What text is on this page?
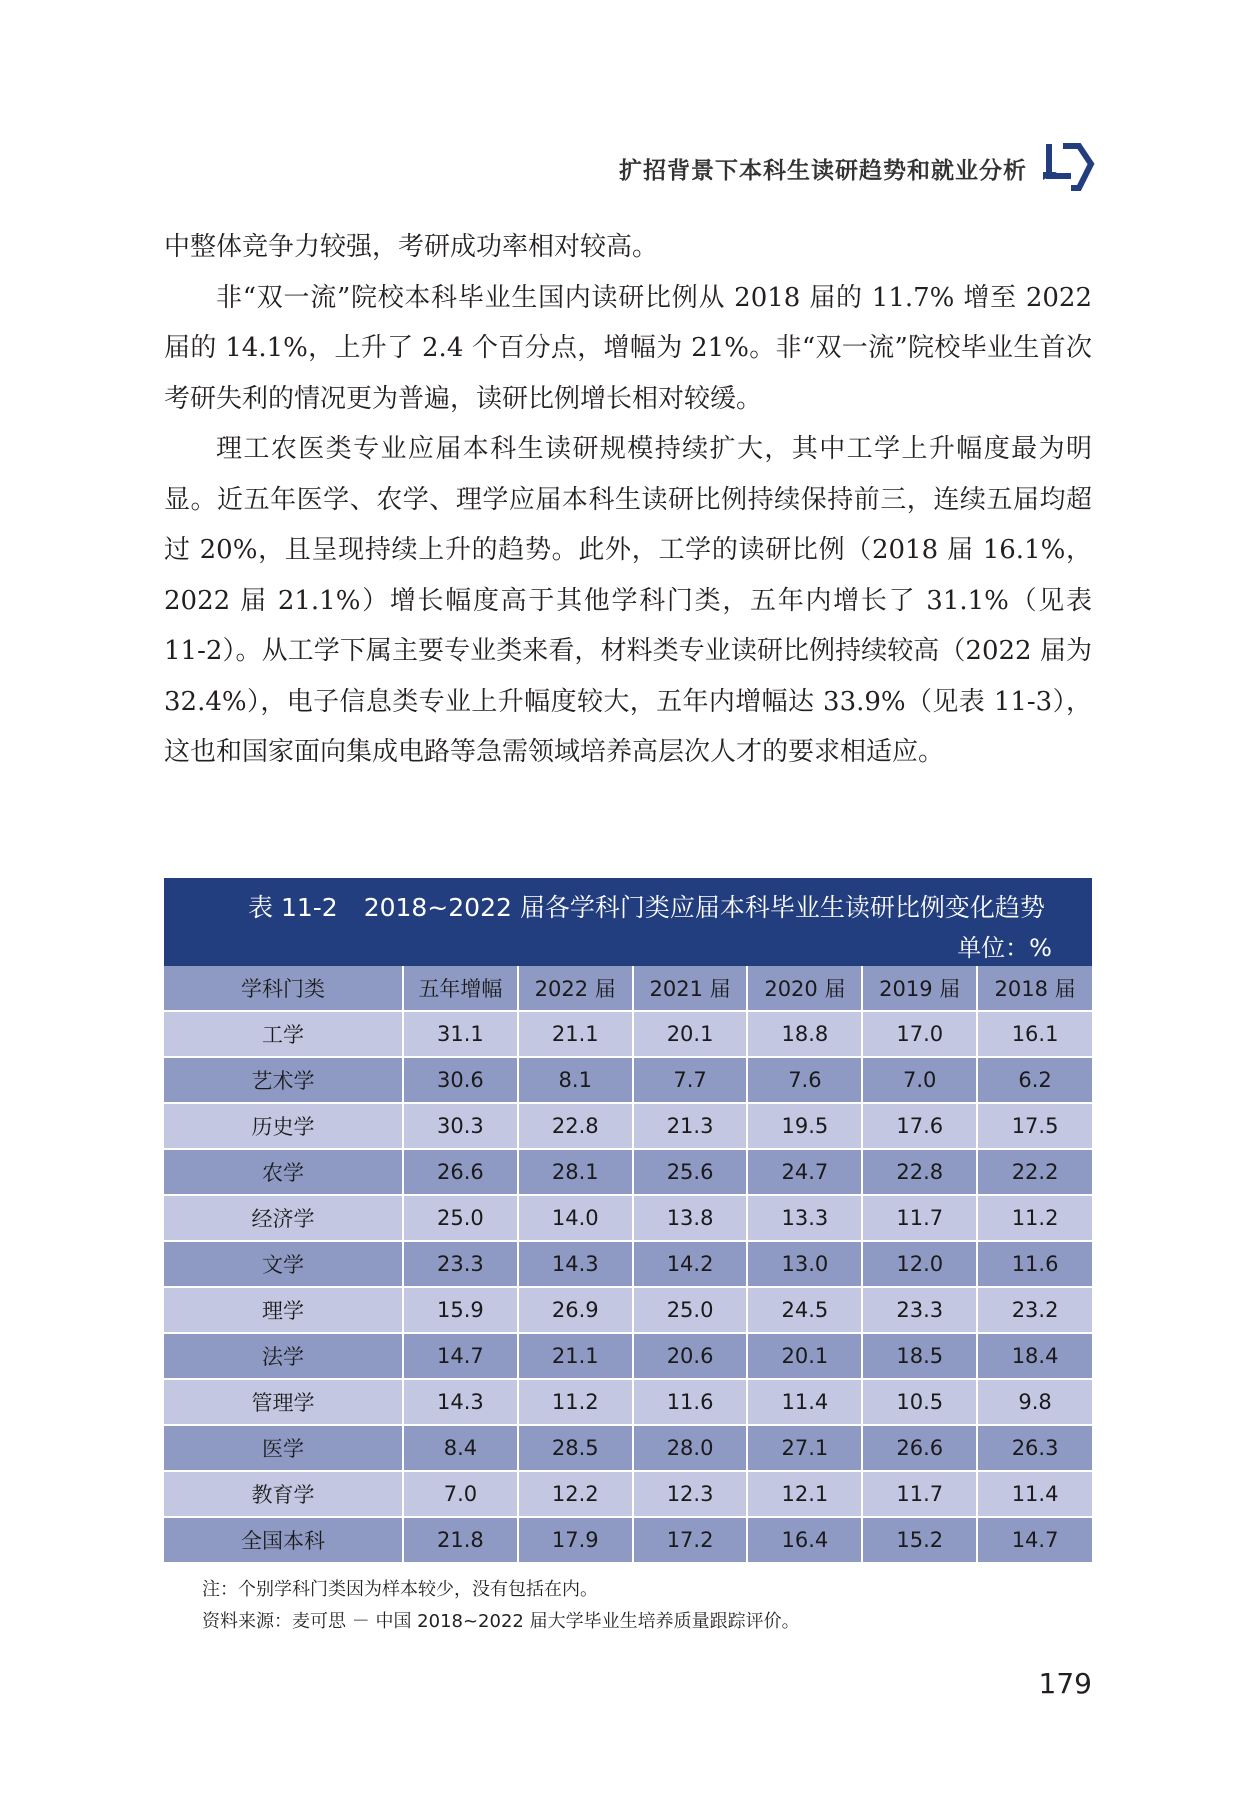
扩招背景下本科生读研趋势和就业分析

中整体竞争力较强，考研成功率相对较高。

非“双一流”院校本科毕业生国内读研比例从 2018 届的 11.7% 增至 2022 届的 14.1%，上升了 2.4 个百分点，增幅为 21%。非“双一流”院校毕业生首次考研失利的情况更为普遍，读研比例增长相对较缓。

理工农医类专业应届本科生读研规模持续扩大，其中工学上升幅度最为明显。近五年医学、农学、理学应届本科生读研比例持续保持前三，连续五届均超过 20%，且呈现持续上升的趋势。此外，工学的读研比例（2018 届 16.1%，2022 届 21.1%）增长幅度高于其他学科门类，五年内增长了 31.1%（见表 11-2）。从工学下属主要专业类来看，材料类专业读研比例持续较高（2022 届为 32.4%），电子信息类专业上升幅度较大，五年内增幅达 33.9%（见表 11-3），这也和国家面向集成电路等急需领域培养高层次人才的要求相适应。

表 11-2 2018~2022 届各学科门类应届本科毕业生读研比例变化趋势
单位：%
学科门类	五年增幅	2022 届	2021 届	2020 届	2019 届	2018 届
工学	31.1	21.1	20.1	18.8	17.0	16.1
艺术学	30.6	8.1	7.7	7.6	7.0	6.2
历史学	30.3	22.8	21.3	19.5	17.6	17.5
农学	26.6	28.1	25.6	24.7	22.8	22.2
经济学	25.0	14.0	13.8	13.3	11.7	11.2
文学	23.3	14.3	14.2	13.0	12.0	11.6
理学	15.9	26.9	25.0	24.5	23.3	23.2
法学	14.7	21.1	20.6	20.1	18.5	18.4
管理学	14.3	11.2	11.6	11.4	10.5	9.8
医学	8.4	28.5	28.0	27.1	26.6	26.3
教育学	7.0	12.2	12.3	12.1	11.7	11.4
全国本科	21.8	17.9	17.2	16.4	15.2	14.7
注：个别学科门类因为样本较少，没有包括在内。
资料来源：麦可思 － 中国 2018~2022 届大学毕业生培养质量跟踪评价。
179
